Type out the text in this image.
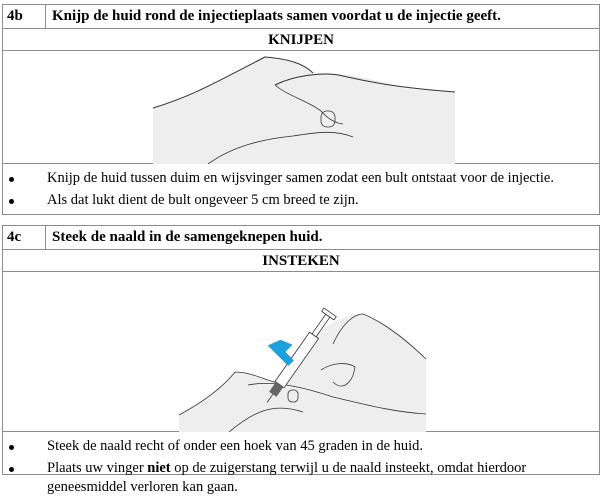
4b	Knijp de huid rond de injectieplaats samen voordat u de injectie geeft.
KNIJPEN
Knijp de huid tussen duim en wijsvinger samen zodat een bult ontstaat voor de injectie.
Als dat lukt dient de bult ongeveer 5 cm breed te zijn.
4c	Steek de naald in de samengeknepen huid.
INSTEKEN
Steek de naald recht of onder een hoek van 45 graden in de huid.
Plaats uw vinger niet op de zuigerstang terwijl u de naald insteekt, omdat hierdoor geneesmiddel verloren kan gaan.
